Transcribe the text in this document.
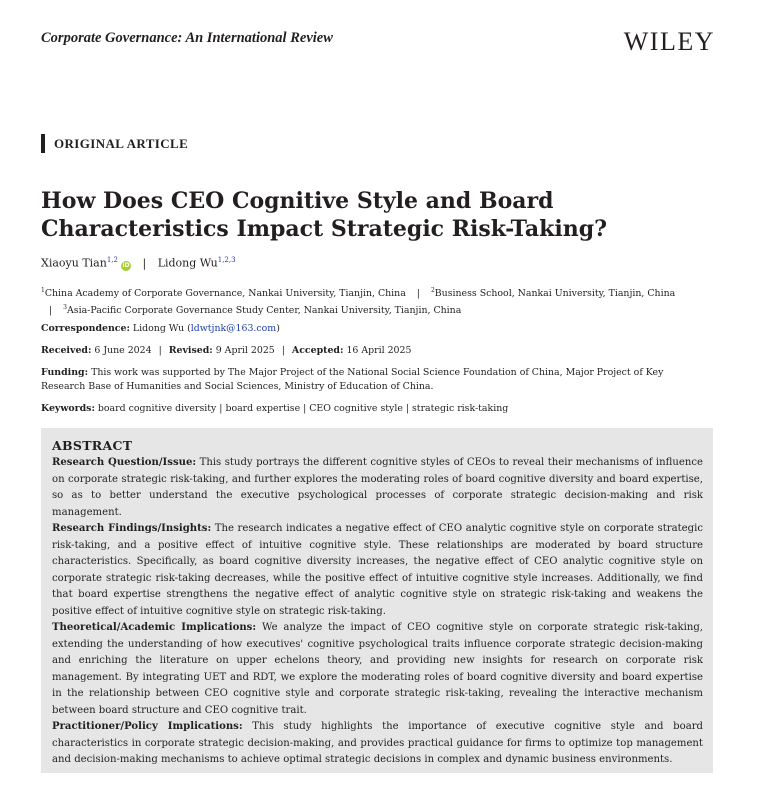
Corporate Governance: An International Review	WILEY
ORIGINAL ARTICLE
How Does CEO Cognitive Style and Board Characteristics Impact Strategic Risk-Taking?
Xiaoyu Tian$^{1,2}$iD | Lidong Wu$^{1,2,3}$
$^1$China Academy of Corporate Governance, Nankai University, Tianjin, China | $^2$Business School, Nankai University, Tianjin, China | $^3$Asia-Pacific Corporate Governance Study Center, Nankai University, Tianjin, China
Correspondence: Lidong Wu (ldwtjnk@163.com)
Received: 6 June 2024 | Revised: 9 April 2025 | Accepted: 16 April 2025
Funding: This work was supported by The Major Project of the National Social Science Foundation of China, Major Project of Key Research Base of Humanities and Social Sciences, Ministry of Education of China.
Keywords: board cognitive diversity | board expertise | CEO cognitive style | strategic risk-taking
ABSTRACT

Research Question/Issue: This study portrays the different cognitive styles of CEOs to reveal their mechanisms of influence on corporate strategic risk-taking, and further explores the moderating roles of board cognitive diversity and board expertise, so as to better understand the executive psychological processes of corporate strategic decision-making and risk management.

Research Findings/Insights: The research indicates a negative effect of CEO analytic cognitive style on corporate strategic risk-taking, and a positive effect of intuitive cognitive style. These relationships are moderated by board structure characteristics. Specifically, as board cognitive diversity increases, the negative effect of CEO analytic cognitive style on corporate strategic risk-taking decreases, while the positive effect of intuitive cognitive style increases. Additionally, we find that board expertise strengthens the negative effect of analytic cognitive style on strategic risk-taking and weakens the positive effect of intuitive cognitive style on strategic risk-taking.

Theoretical/Academic Implications: We analyze the impact of CEO cognitive style on corporate strategic risk-taking, extending the understanding of how executives' cognitive psychological traits influence corporate strategic decision-making and enriching the literature on upper echelons theory, and providing new insights for research on corporate risk management. By integrating UET and RDT, we explore the moderating roles of board cognitive diversity and board expertise in the relationship between CEO cognitive style and corporate strategic risk-taking, revealing the interactive mechanism between board structure and CEO cognitive trait.

Practitioner/Policy Implications: This study highlights the importance of executive cognitive style and board characteristics in corporate strategic decision-making, and provides practical guidance for firms to optimize top management and decision-making mechanisms to achieve optimal strategic decisions in complex and dynamic business environments.
